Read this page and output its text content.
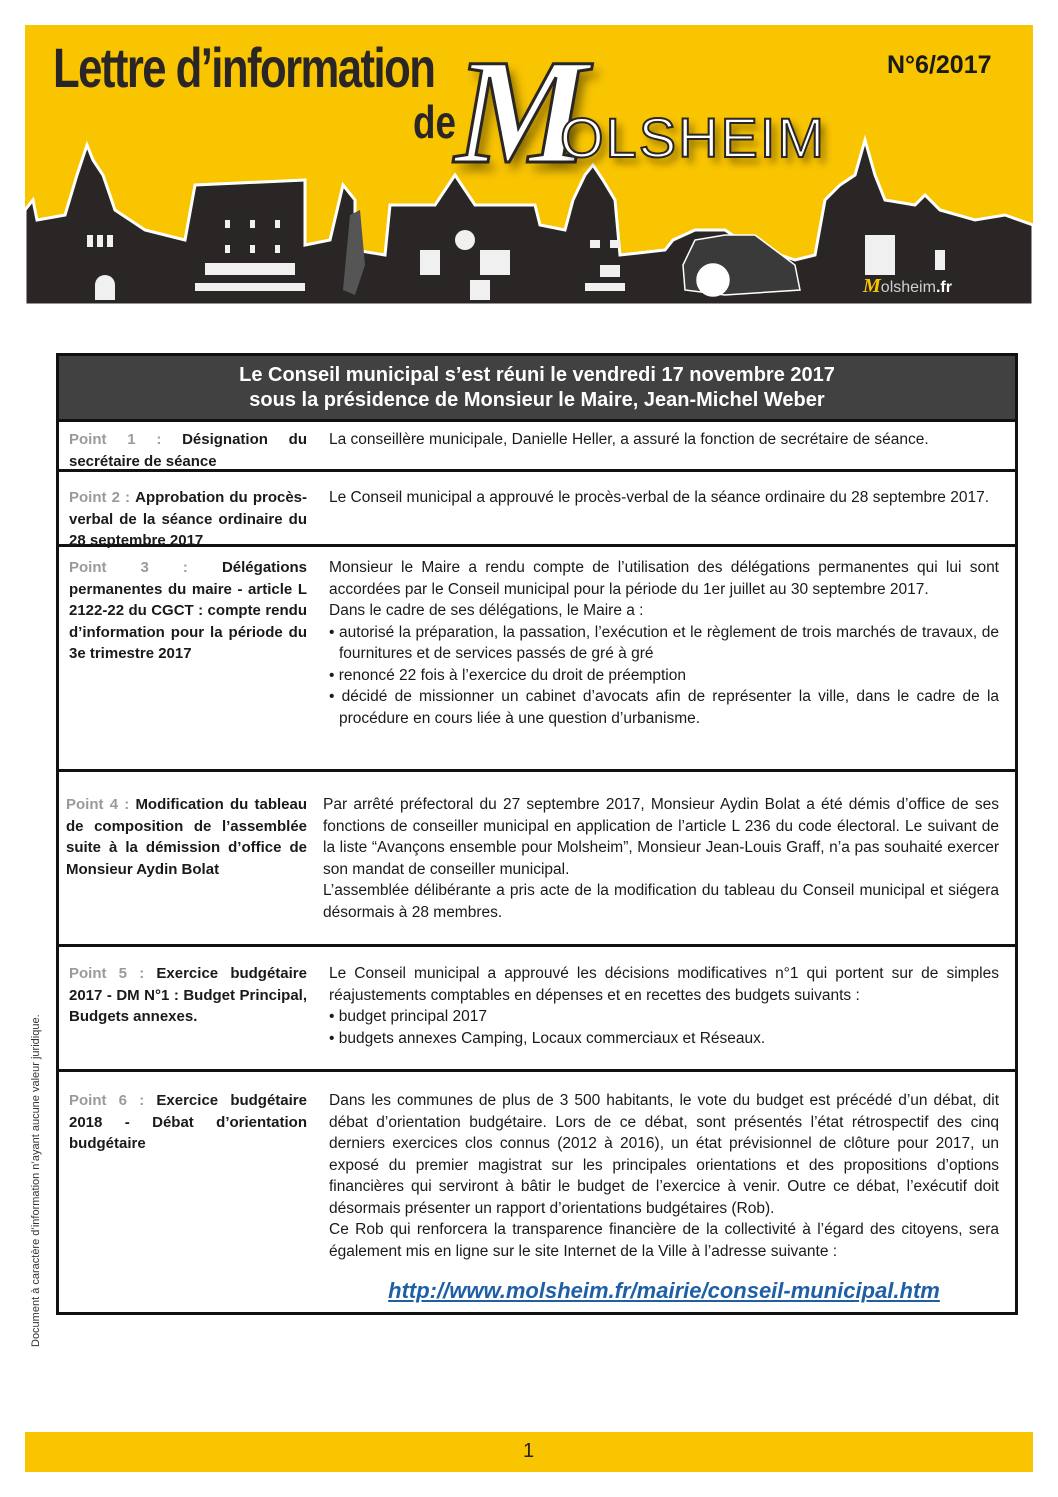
Lettre d’information
de M
OLSHEIM
N°6/2017
Molsheim.fr
Le Conseil municipal s’est réuni le vendredi 17 novembre 2017
sous la présidence de Monsieur le Maire, Jean-Michel Weber
Point 1 : Désignation du secrétaire de séance

La conseillère municipale, Danielle Heller, a assuré la fonction de secrétaire de séance.

Point 2 : Approbation du procès-verbal de la séance ordinaire du 28 septembre 2017

Le Conseil municipal a approuvé le procès-verbal de la séance ordinaire du 28 septembre 2017.

Point 3 : Délégations permanentes du maire - article L 2122-22 du CGCT : compte rendu d’information pour la période du 3e trimestre 2017

Monsieur le Maire a rendu compte de l’utilisation des délégations permanentes qui lui sont accordées par le Conseil municipal pour la période du 1er juillet au 30 septembre 2017.

Dans le cadre de ses délégations, le Maire a :

• autorisé la préparation, la passation, l’exécution et le règlement de trois marchés de travaux, de fournitures et de services passés de gré à gré
• renoncé 22 fois à l’exercice du droit de préemption
• décidé de missionner un cabinet d’avocats afin de représenter la ville, dans le cadre de la procédure en cours liée à une question d’urbanisme.
Point 4 : Modification du tableau de composition de l’assemblée suite à la démission d’office de Monsieur Aydin Bolat

Par arrêté préfectoral du 27 septembre 2017, Monsieur Aydin Bolat a été démis d’office de ses fonctions de conseiller municipal en application de l’article L 236 du code électoral. Le suivant de la liste “Avançons ensemble pour Molsheim”, Monsieur Jean-Louis Graff, n’a pas souhaité exercer son mandat de conseiller municipal.

L’assemblée délibérante a pris acte de la modification du tableau du Conseil municipal et siégera désormais à 28 membres.

Point 5 : Exercice budgétaire 2017 - DM N°1 : Budget Principal, Budgets annexes.

Le Conseil municipal a approuvé les décisions modificatives n°1 qui portent sur de simples réajustements comptables en dépenses et en recettes des budgets suivants :

• budget principal 2017
• budgets annexes Camping, Locaux commerciaux et Réseaux.
Point 6 : Exercice budgétaire 2018 - Débat d’orientation budgétaire

Dans les communes de plus de 3 500 habitants, le vote du budget est précédé d’un débat, dit débat d’orientation budgétaire. Lors de ce débat, sont présentés l’état rétrospectif des cinq derniers exercices clos connus (2012 à 2016), un état prévisionnel de clôture pour 2017, un exposé du premier magistrat sur les principales orientations et des propositions d’options financières qui serviront à bâtir le budget de l’exercice à venir. Outre ce débat, l’exécutif doit désormais présenter un rapport d’orientations budgétaires (Rob).

Ce Rob qui renforcera la transparence financière de la collectivité à l’égard des citoyens, sera également mis en ligne sur le site Internet de la Ville à l’adresse suivante :

http://www.molsheim.fr/mairie/conseil-municipal.htm
Document à caractère d’information n’ayant aucune valeur juridique.
1
